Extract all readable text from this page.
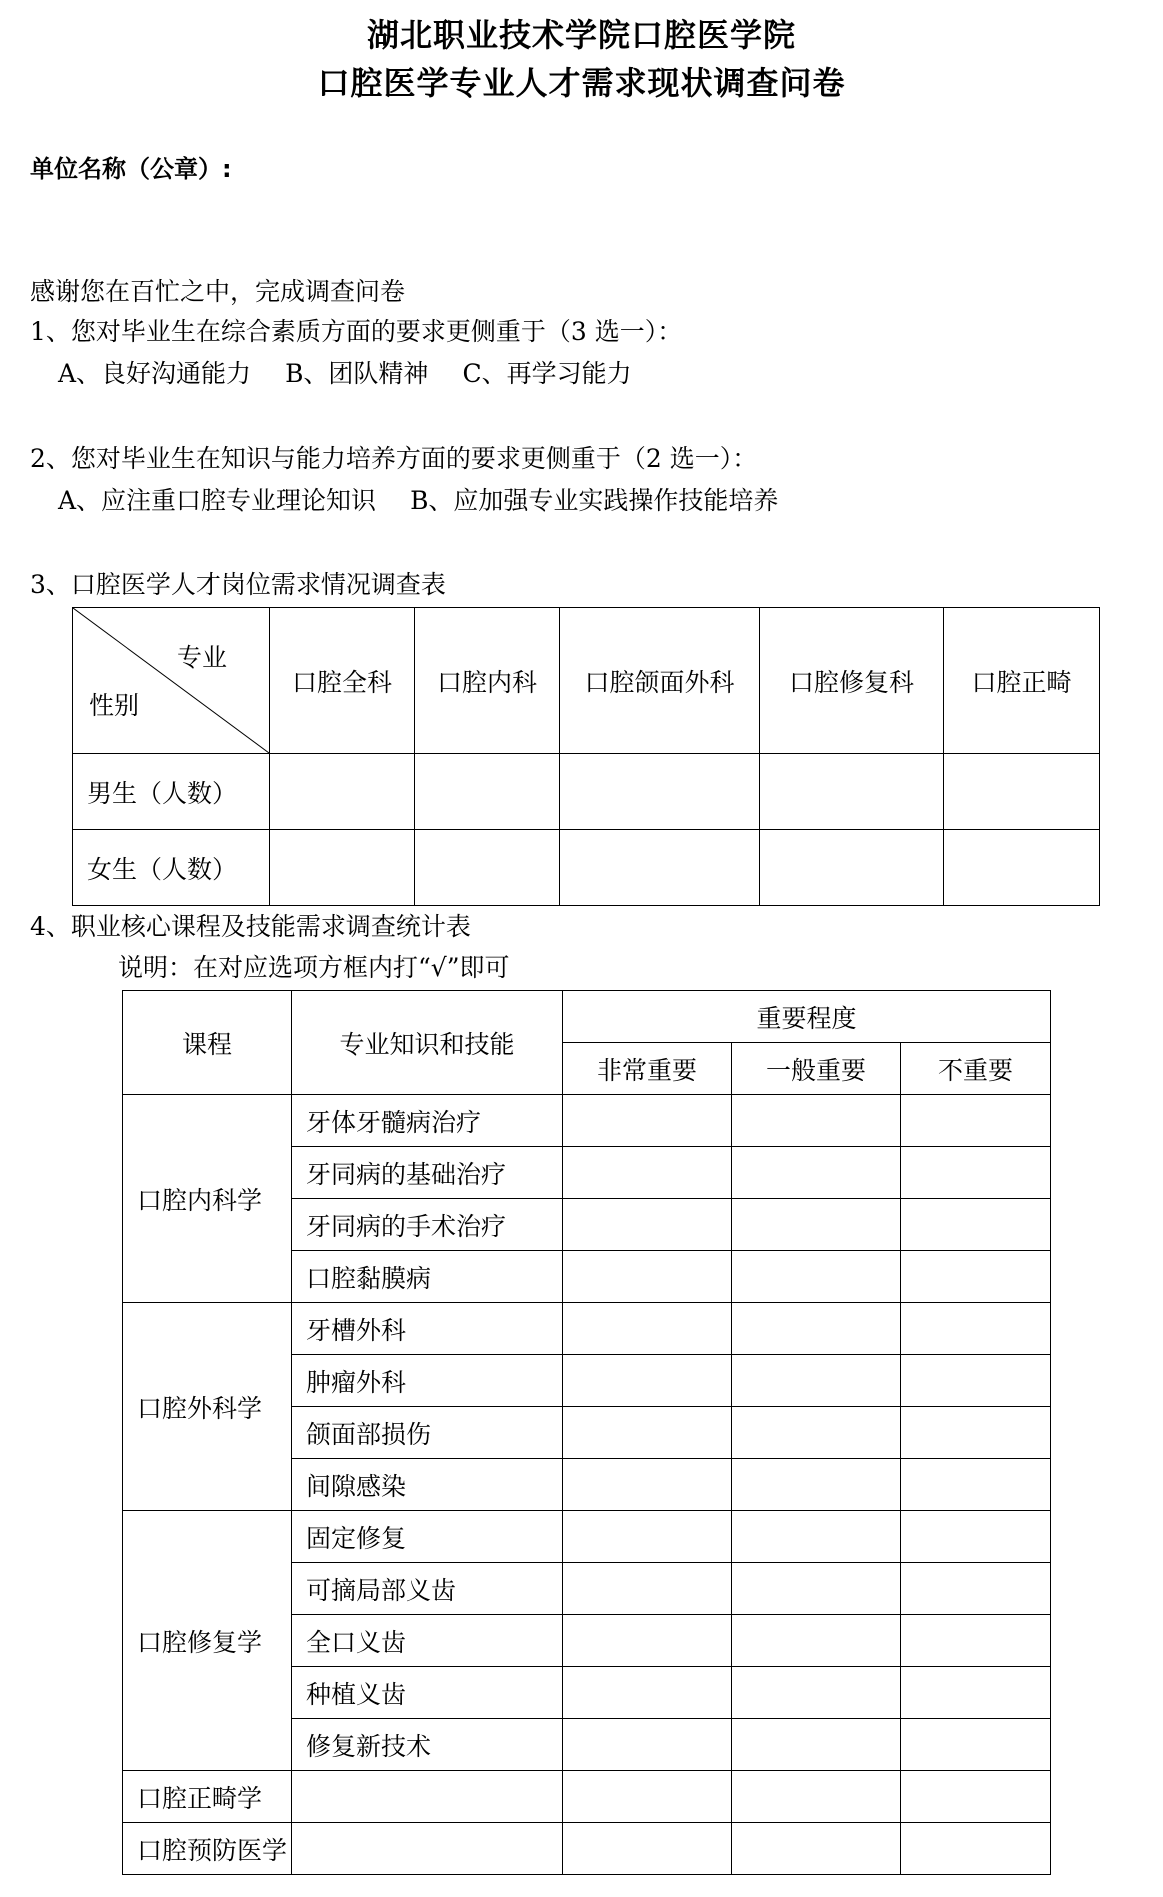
湖北职业技术学院口腔医学院
口腔医学专业人才需求现状调查问卷
单位名称（公章）:
感谢您在百忙之中，完成调查问卷
1、您对毕业生在综合素质方面的要求更侧重于（3 选一）：
A、良好沟通能力 B、团队精神 C、再学习能力
2、您对毕业生在知识与能力培养方面的要求更侧重于（2 选一）：
A、应注重口腔专业理论知识 B、应加强专业实践操作技能培养
3、口腔医学人才岗位需求情况调查表
专业
性别	口腔全科	口腔内科	口腔颌面外科	口腔修复科	口腔正畸
男生（人数）					
女生（人数）					
4、职业核心课程及技能需求调查统计表
说明：在对应选项方框内打“√”即可
课程	专业知识和技能	重要程度		
		非常重要	一般重要	不重要
口腔内科学	牙体牙髓病治疗			
	牙同病的基础治疗			
	牙同病的手术治疗			
	口腔黏膜病			
口腔外科学	牙槽外科			
	肿瘤外科			
	颌面部损伤			
	间隙感染			
口腔修复学	固定修复			
	可摘局部义齿			
	全口义齿			
	种植义齿			
	修复新技术			
口腔正畸学				
口腔预防医学				
